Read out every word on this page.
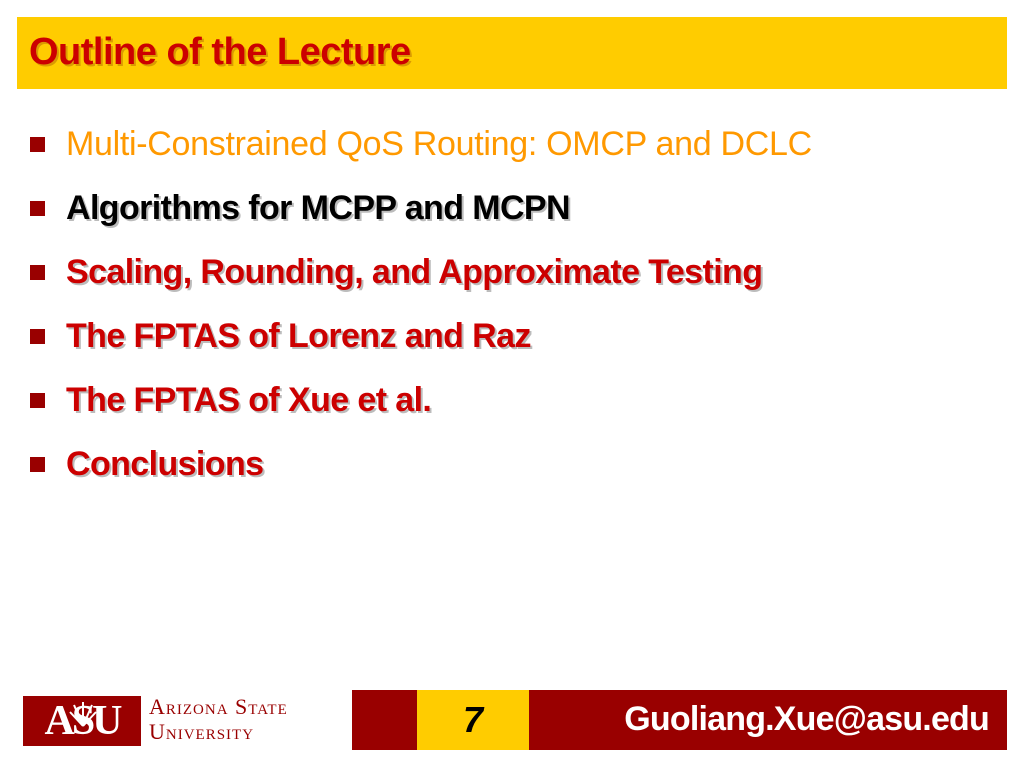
Outline of the Lecture
Multi-Constrained QoS Routing: OMCP and DCLC
Algorithms for MCPP and MCPN
Scaling, Rounding, and Approximate Testing
The FPTAS of Lorenz and Raz
The FPTAS of Xue et al.
Conclusions
ASU	Arizona State
University	7	Guoliang.Xue@asu.edu
